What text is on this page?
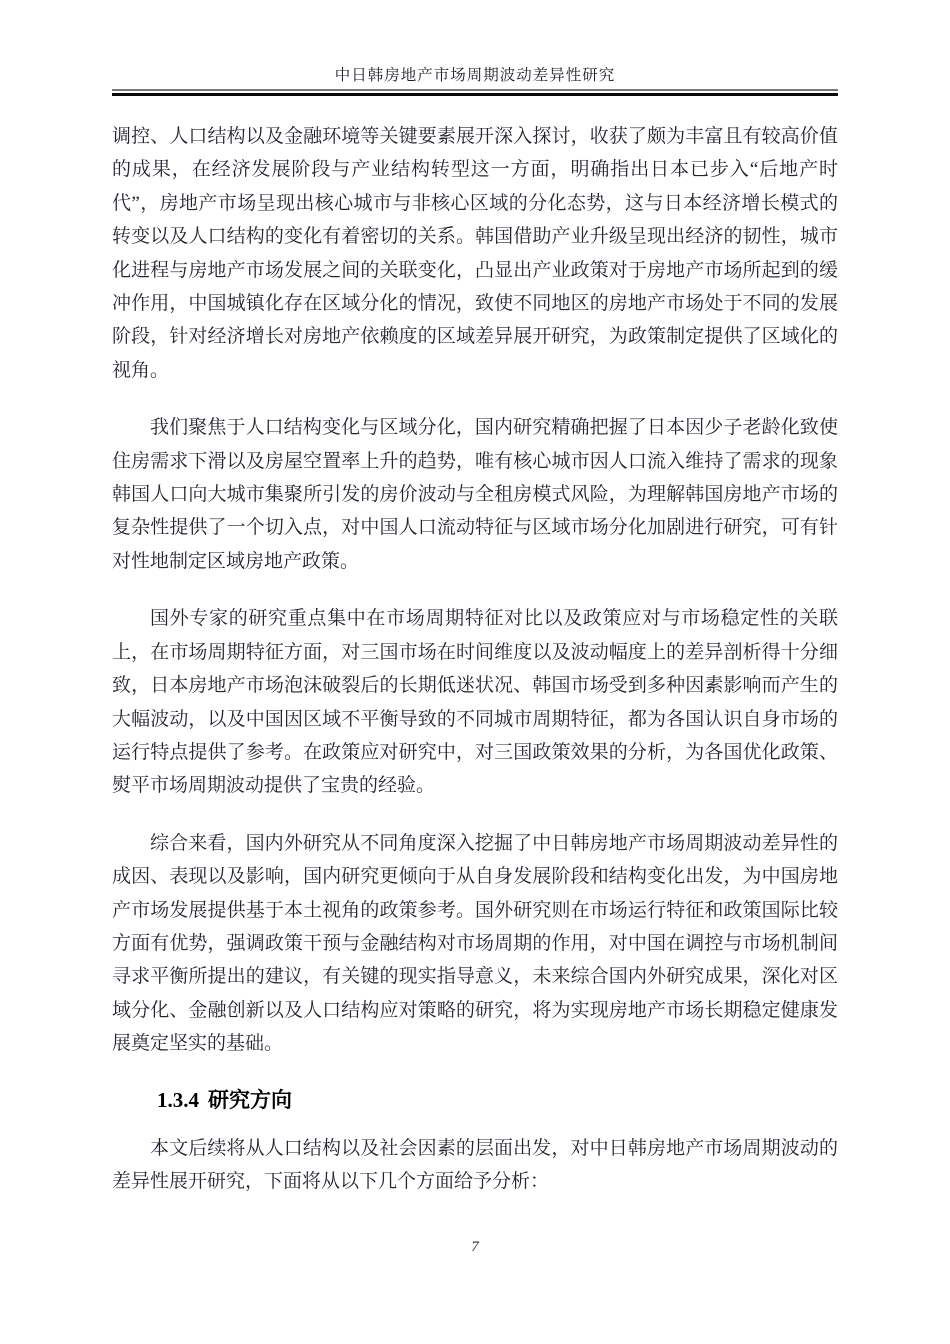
中日韩房地产市场周期波动差异性研究

调控、人口结构以及金融环境等关键要素展开深入探讨，收获了颇为丰富且有较高价值的成果，在经济发展阶段与产业结构转型这一方面，明确指出日本已步入“后地产时代”，房地产市场呈现出核心城市与非核心区域的分化态势，这与日本经济增长模式的转变以及人口结构的变化有着密切的关系。韩国借助产业升级呈现出经济的韧性，城市化进程与房地产市场发展之间的关联变化，凸显出产业政策对于房地产市场所起到的缓冲作用，中国城镇化存在区域分化的情况，致使不同地区的房地产市场处于不同的发展阶段，针对经济增长对房地产依赖度的区域差异展开研究，为政策制定提供了区域化的视角。

我们聚焦于人口结构变化与区域分化，国内研究精确把握了日本因少子老龄化致使住房需求下滑以及房屋空置率上升的趋势，唯有核心城市因人口流入维持了需求的现象韩国人口向大城市集聚所引发的房价波动与全租房模式风险，为理解韩国房地产市场的复杂性提供了一个切入点，对中国人口流动特征与区域市场分化加剧进行研究，可有针对性地制定区域房地产政策。

国外专家的研究重点集中在市场周期特征对比以及政策应对与市场稳定性的关联上，在市场周期特征方面，对三国市场在时间维度以及波动幅度上的差异剖析得十分细致，日本房地产市场泡沫破裂后的长期低迷状况、韩国市场受到多种因素影响而产生的大幅波动，以及中国因区域不平衡导致的不同城市周期特征，都为各国认识自身市场的运行特点提供了参考。在政策应对研究中，对三国政策效果的分析，为各国优化政策、熨平市场周期波动提供了宝贵的经验。

综合来看，国内外研究从不同角度深入挖掘了中日韩房地产市场周期波动差异性的成因、表现以及影响，国内研究更倾向于从自身发展阶段和结构变化出发，为中国房地产市场发展提供基于本土视角的政策参考。国外研究则在市场运行特征和政策国际比较方面有优势，强调政策干预与金融结构对市场周期的作用，对中国在调控与市场机制间寻求平衡所提出的建议，有关键的现实指导意义，未来综合国内外研究成果，深化对区域分化、金融创新以及人口结构应对策略的研究，将为实现房地产市场长期稳定健康发展奠定坚实的基础。

1.3.4 研究方向

本文后续将从人口结构以及社会因素的层面出发，对中日韩房地产市场周期波动的差异性展开研究，下面将从以下几个方面给予分析：

7
